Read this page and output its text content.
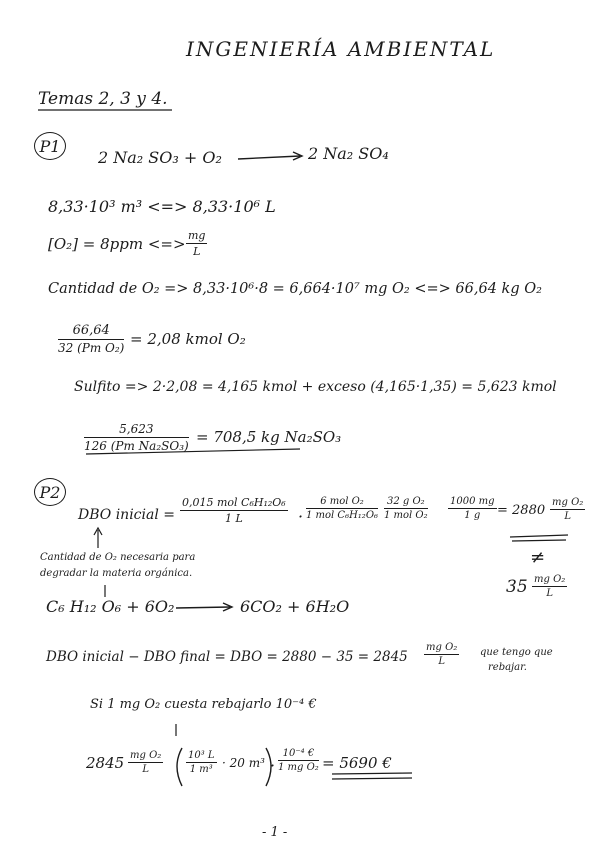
INGENIERÍA AMBIENTAL
Temas 2, 3 y 4.
P1
2 Na₂ SO₃ + O₂	2 Na₂ SO₄
8,33·10³ m³ <=> 8,33·10⁶ L
[O₂] = 8ppm <=> $\frac{mg}{L}$
Cantidad de O₂ => 8,33·10⁶·8 = 6,664·10⁷ mg O₂ <=> 66,64 kg O₂
$\frac{66,64}{\text{32 (Pm O₂)}} = 2,08$ kmol O₂
Sulfito => 2·2,08 = 4,165 kmol + exceso (4,165·1,35) = 5,623 kmol
$\frac{5,623}{\text{126 (Pm Na₂SO₃)}} = 708,5$ kg Na₂SO₃
P2
DBO inicial =
0,015 mol C₆H₁₂O₆
1 L	·
6 mol O₂
1 mol C₆H₁₂O₆
32 g O₂
1 mol $O_2 \frac{1000 mg}{1 g} = 2880 \frac{\text{mg O₂}}{L}$
Cantidad de O₂ necesaria para
degradar la materia orgánica.
≠
$35 \frac{\text{mg O₂}}{L}$
C₆ H₁₂ O₆ + 6O₂	6CO₂ + 6H₂O
DBO inicial − DBO final = DBO = $2880 - 35 = 2845 \frac{\text{mg O₂}}{L}$ que tengo que
rebajar.
Si 1 mg O₂ cuesta rebajarlo 10⁻⁴ €
$2845 \frac{\text{mg O₂}}{L} \frac{\text{10³ L}}{\text{1 m³}} \cdot 20$ $m^3 \cdot \frac{\text{10⁻⁴ €}}{\text{1 mg O₂}} = 5690$ €
- 1 -
